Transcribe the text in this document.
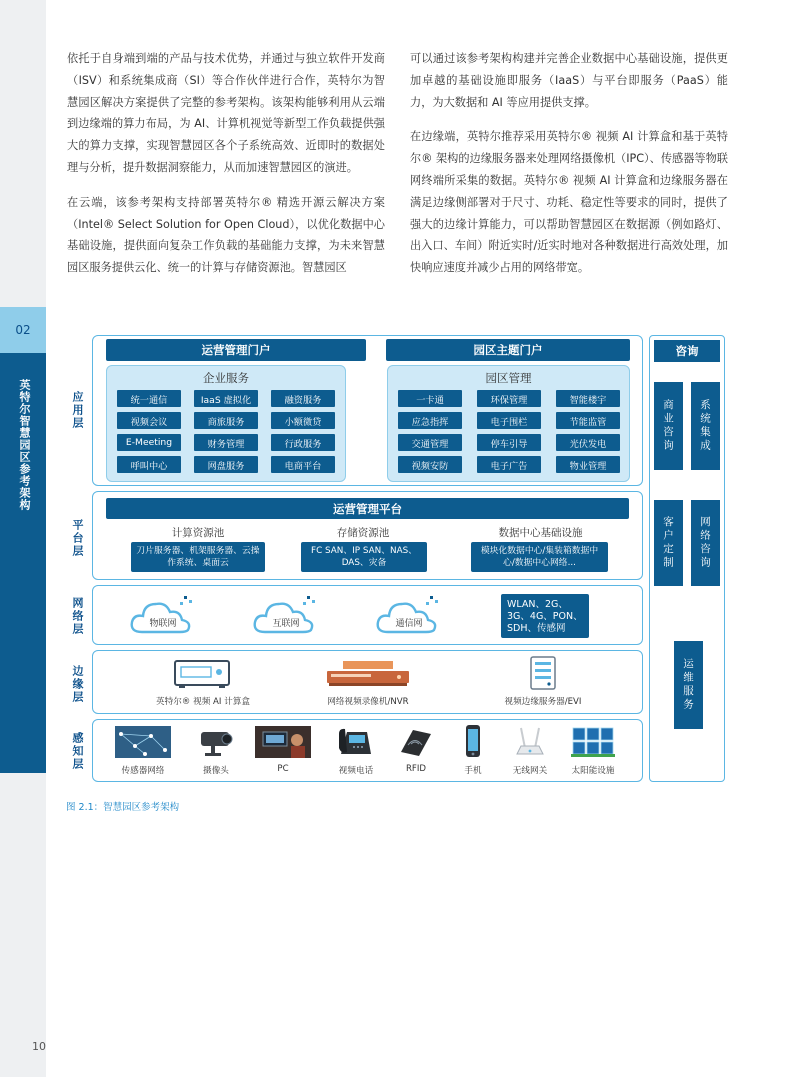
02
英特尔智慧园区参考架构
10

依托于自身端到端的产品与技术优势，并通过与独立软件开发商（ISV）和系统集成商（SI）等合作伙伴进行合作，英特尔为智慧园区解决方案提供了完整的参考架构。该架构能够利用从云端到边缘端的算力布局，为 AI、计算机视觉等新型工作负载提供强大的算力支撑，实现智慧园区各个子系统高效、近即时的数据处理与分析，提升数据洞察能力，从而加速智慧园区的演进。

在云端，该参考架构支持部署英特尔® 精选开源云解决方案（Intel® Select Solution for Open Cloud），以优化数据中心基础设施，提供面向复杂工作负载的基础能力支撑，为未来智慧园区服务提供云化、统一的计算与存储资源池。智慧园区

可以通过该参考架构构建并完善企业数据中心基础设施，提供更加卓越的基础设施即服务（IaaS）与平台即服务（PaaS）能力，为大数据和 AI 等应用提供支撑。

在边缘端，英特尔推荐采用英特尔® 视频 AI 计算盒和基于英特尔® 架构的边缘服务器来处理网络摄像机（IPC）、传感器等物联网终端所采集的数据。英特尔® 视频 AI 计算盒和边缘服务器在满足边缘侧部署对于尺寸、功耗、稳定性等要求的同时，提供了强大的边缘计算能力，可以帮助智慧园区在数据源（例如路灯、出入口、车间）附近实时/近实时地对各种数据进行高效处理，加快响应速度并减少占用的网络带宽。

应用层
平台层
网络层
边缘层
感知层
运营管理门户	园区主题门户
企业服务
统一通信	IaaS 虚拟化	融资服务
视频会议	商旅服务	小额微贷
E-Meeting	财务管理	行政服务
呼叫中心	网盘服务	电商平台
园区管理
一卡通	环保管理	智能楼宇
应急指挥	电子围栏	节能监管
交通管理	停车引导	光伏发电
视频安防	电子广告	物业管理
运营管理平台
计算资源池
刀片服务器、机架服务器、云操作系统、桌面云
存储资源池
FC SAN、IP SAN、NAS、DAS、灾备
数据中心基础设施
模块化数据中心/集装箱数据中心/数据中心网络...
物联网	互联网	通信网
WLAN、2G、3G、4G、PON、SDH、传感网
英特尔® 视频 AI 计算盒	网络视频录像机/NVR	视频边缘服务器/EVI
传感器网络	摄像头	PC	视频电话	RFID	手机	无线网关	太阳能设施
咨询
商业咨询	系统集成
客户定制	网络咨询
运维服务
图 2.1：智慧园区参考架构
